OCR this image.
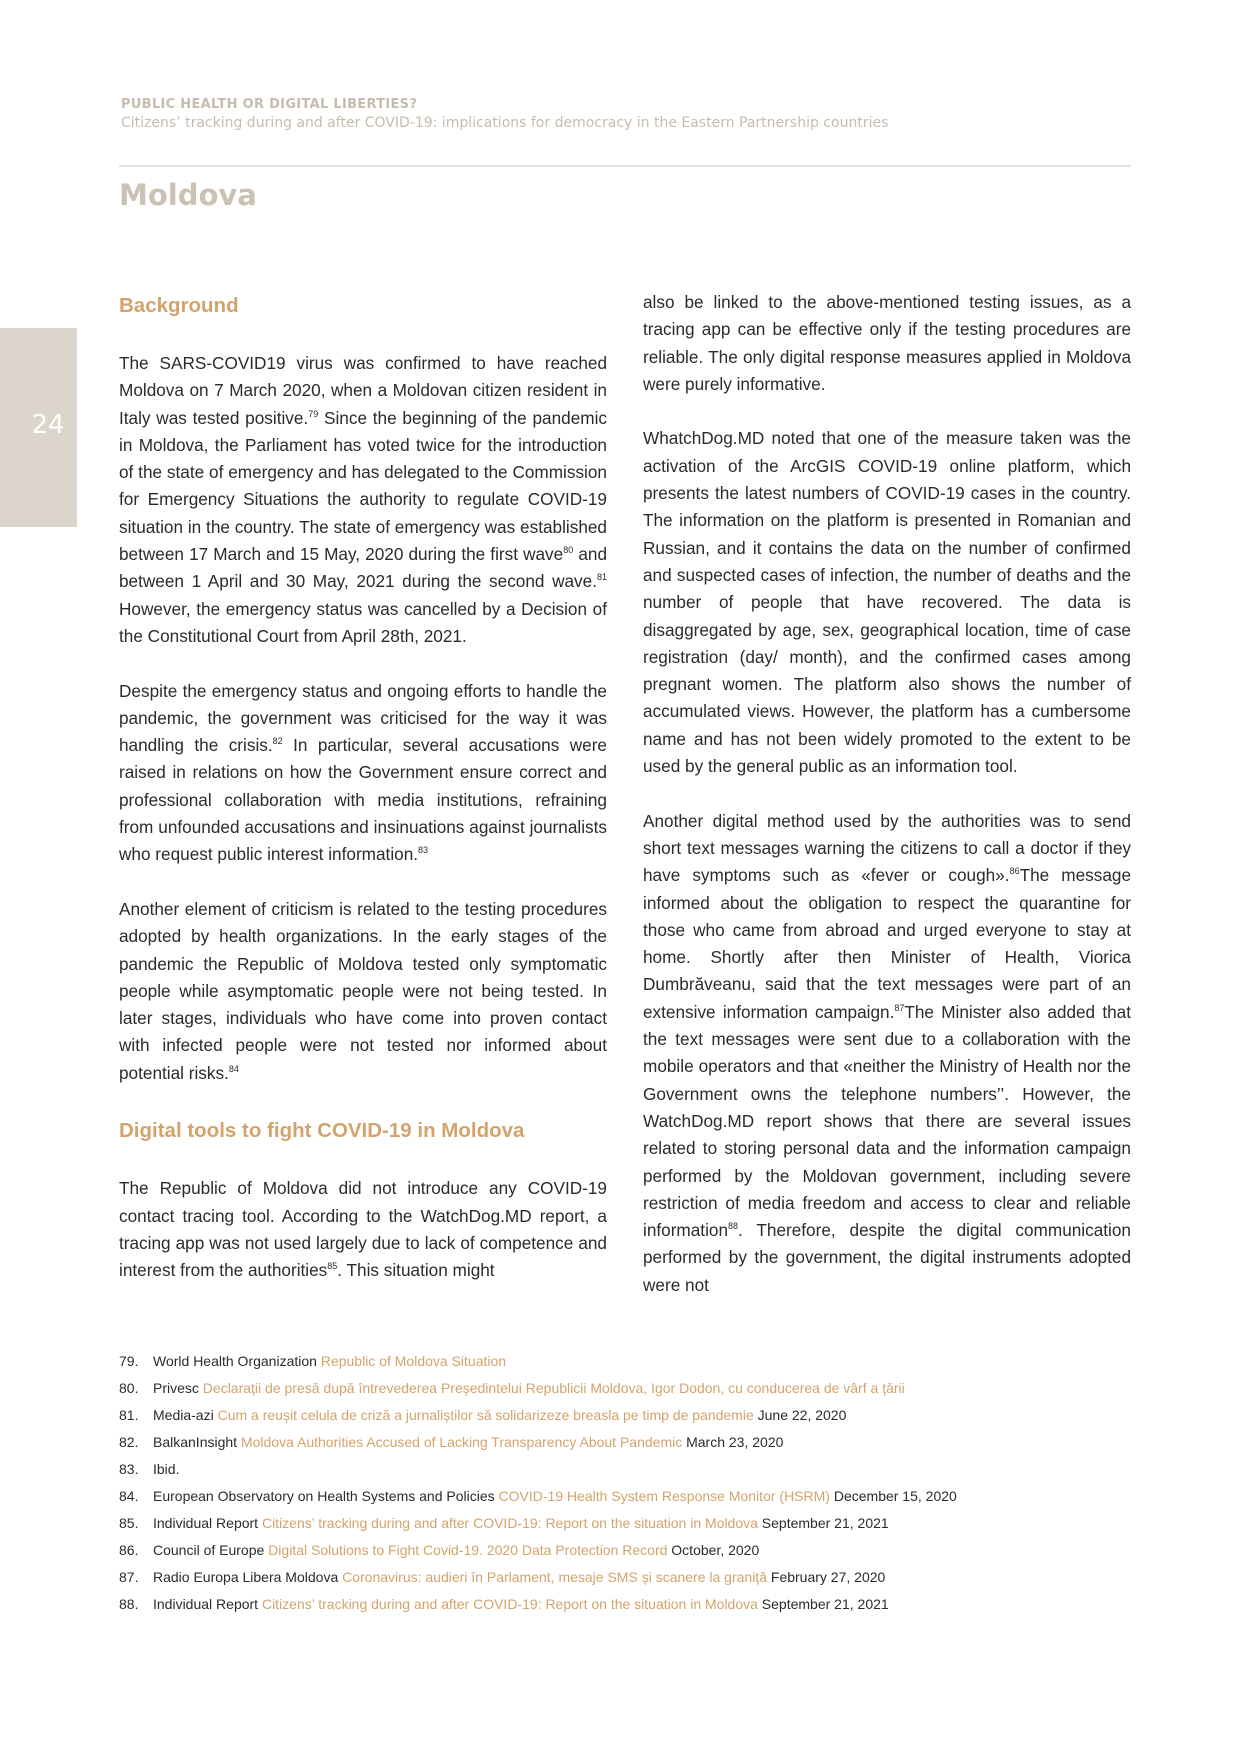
PUBLIC HEALTH OR DIGITAL LIBERTIES?
Citizens’ tracking during and after COVID-19: implications for democracy in the Eastern Partnership countries
Moldova
24
Background

The SARS-COVID19 virus was confirmed to have reached Moldova on 7 March 2020, when a Moldovan citizen resident in Italy was tested positive.$^{79}$ Since the beginning of the pandemic in Moldova, the Parliament has voted twice for the introduction of the state of emergency and has delegated to the Commission for Emergency Situations the authority to regulate COVID-19 situation in the country. The state of emergency was established between 17 March and 15 May, 2020 during the first wave$^{80}$ and between 1 April and 30 May, 2021 during the second wave.$^{81}$ However, the emergency status was cancelled by a Decision of the Constitutional Court from April 28th, 2021.

Despite the emergency status and ongoing efforts to handle the pandemic, the government was criticised for the way it was handling the crisis.$^{82}$ In particular, several accusations were raised in relations on how the Government ensure correct and professional collaboration with media institutions, refraining from unfounded accusations and insinuations against journalists who request public interest information.$^{83}$

Another element of criticism is related to the testing procedures adopted by health organizations. In the early stages of the pandemic the Republic of Moldova tested only symptomatic people while asymptomatic people were not being tested. In later stages, individuals who have come into proven contact with infected people were not tested nor informed about potential risks.$^{84}$

Digital tools to fight COVID-19 in Moldova

The Republic of Moldova did not introduce any COVID-19 contact tracing tool. According to the WatchDog.MD report, a tracing app was not used largely due to lack of competence and interest from the authorities$^{85}$. This situation might

also be linked to the above-mentioned testing issues, as a tracing app can be effective only if the testing procedures are reliable. The only digital response measures applied in Moldova were purely informative.

WhatchDog.MD noted that one of the measure taken was the activation of the ArcGIS COVID-19 online platform, which presents the latest numbers of COVID-19 cases in the country. The information on the platform is presented in Romanian and Russian, and it contains the data on the number of confirmed and suspected cases of infection, the number of deaths and the number of people that have recovered. The data is disaggregated by age, sex, geographical location, time of case registration (day/ month), and the confirmed cases among pregnant women. The platform also shows the number of accumulated views. However, the platform has a cumbersome name and has not been widely promoted to the extent to be used by the general public as an information tool.

Another digital method used by the authorities was to send short text messages warning the citizens to call a doctor if they have symptoms such as «fever or cough».$^{86}$The message informed about the obligation to respect the quarantine for those who came from abroad and urged everyone to stay at home. Shortly after then Minister of Health, Viorica Dumbrăveanu, said that the text messages were part of an extensive information campaign.$^{87}$The Minister also added that the text messages were sent due to a collaboration with the mobile operators and that «neither the Ministry of Health nor the Government owns the telephone numbers’’. However, the WatchDog.MD report shows that there are several issues related to storing personal data and the information campaign performed by the Moldovan government, including severe restriction of media freedom and access to clear and reliable information$^{88}$. Therefore, despite the digital communication performed by the government, the digital instruments adopted were not

79. World Health Organization Republic of Moldova Situation
80. Privesc Declarații de presă după întrevederea Președintelui Republicii Moldova, Igor Dodon, cu conducerea de vârf a țării
81. Media-azi Cum a reușit celula de criză a jurnaliștilor să solidarizeze breasla pe timp de pandemie June 22, 2020
82. BalkanInsight Moldova Authorities Accused of Lacking Transparency About Pandemic March 23, 2020
83. Ibid.
84. European Observatory on Health Systems and Policies COVID-19 Health System Response Monitor (HSRM) December 15, 2020
85. Individual Report Citizens’ tracking during and after COVID-19: Report on the situation in Moldova September 21, 2021
86. Council of Europe Digital Solutions to Fight Covid-19. 2020 Data Protection Record October, 2020
87. Radio Europa Libera Moldova Coronavirus: audieri în Parlament, mesaje SMS și scanere la graniță February 27, 2020
88. Individual Report Citizens’ tracking during and after COVID-19: Report on the situation in Moldova September 21, 2021
